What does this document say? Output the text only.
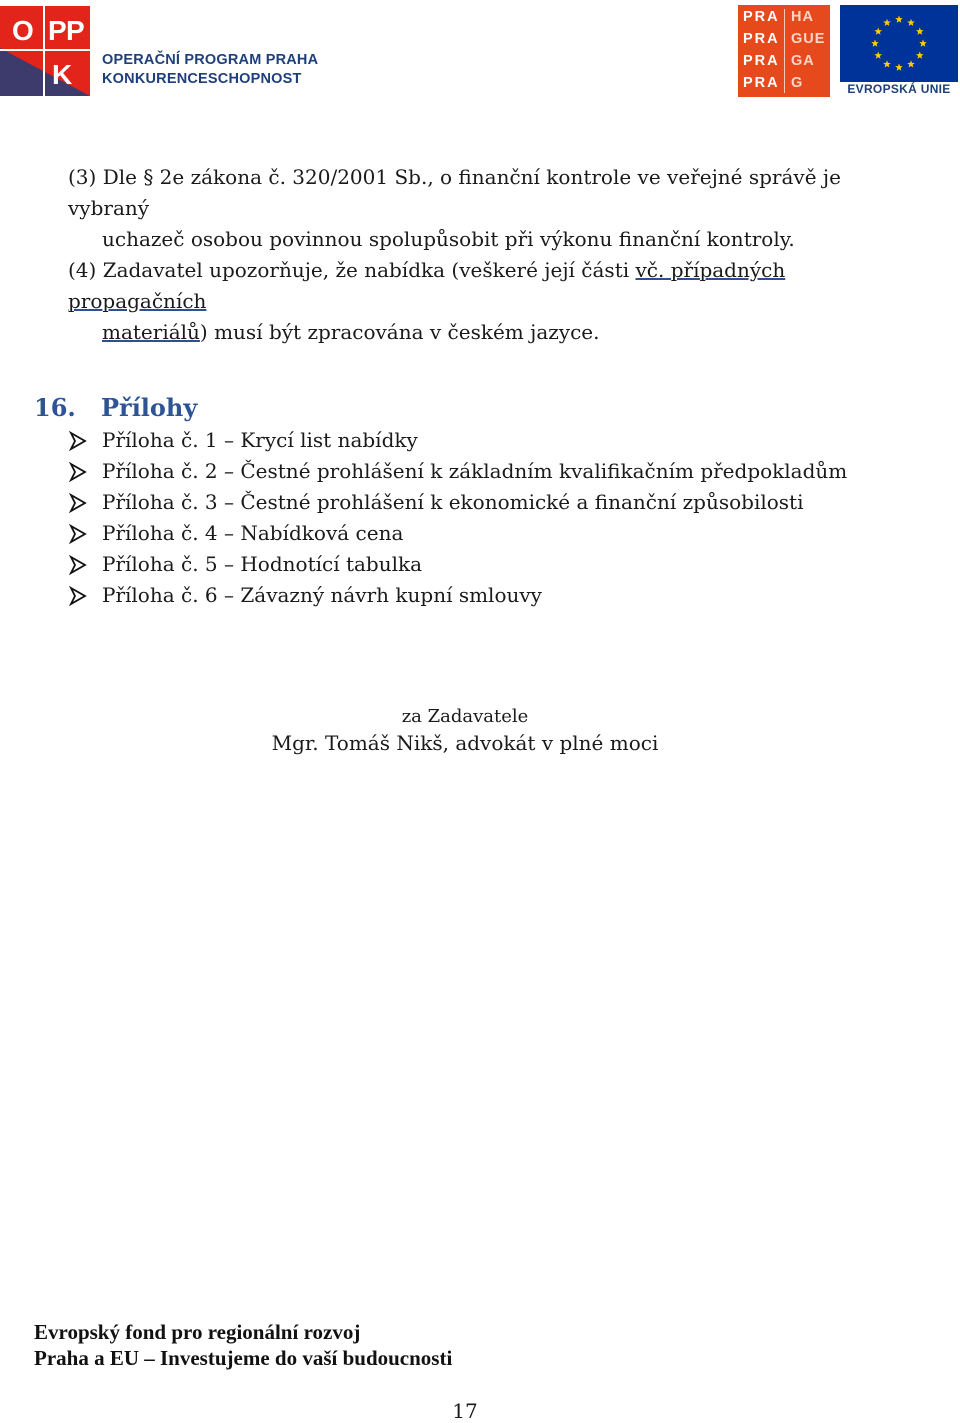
O P P
K OPERAČNÍ PROGRAM PRAHA
KONKURENCESCHOPNOST
PRA HA
PRA GUE
PRA GA
PRA G	EVROPSKÁ UNIE
(3) Dle § 2e zákona č. 320/2001 Sb., o finanční kontrole ve veřejné správě je vybraný
uchazeč osobou povinnou spolupůsobit při výkonu finanční kontroly.
(4) Zadavatel upozorňuje, že nabídka (veškeré její části vč. případných propagačních
materiálů) musí být zpracována v českém jazyce.
16. Přílohy
Příloha č. 1 – Krycí list nabídky
Příloha č. 2 – Čestné prohlášení k základním kvalifikačním předpokladům
Příloha č. 3 – Čestné prohlášení k ekonomické a finanční způsobilosti
Příloha č. 4 – Nabídková cena
Příloha č. 5 – Hodnotící tabulka
Příloha č. 6 – Závazný návrh kupní smlouvy
za Zadavatele
Mgr. Tomáš Nikš, advokát v plné moci
Evropský fond pro regionální rozvoj
Praha a EU – Investujeme do vaší budoucnosti
17
